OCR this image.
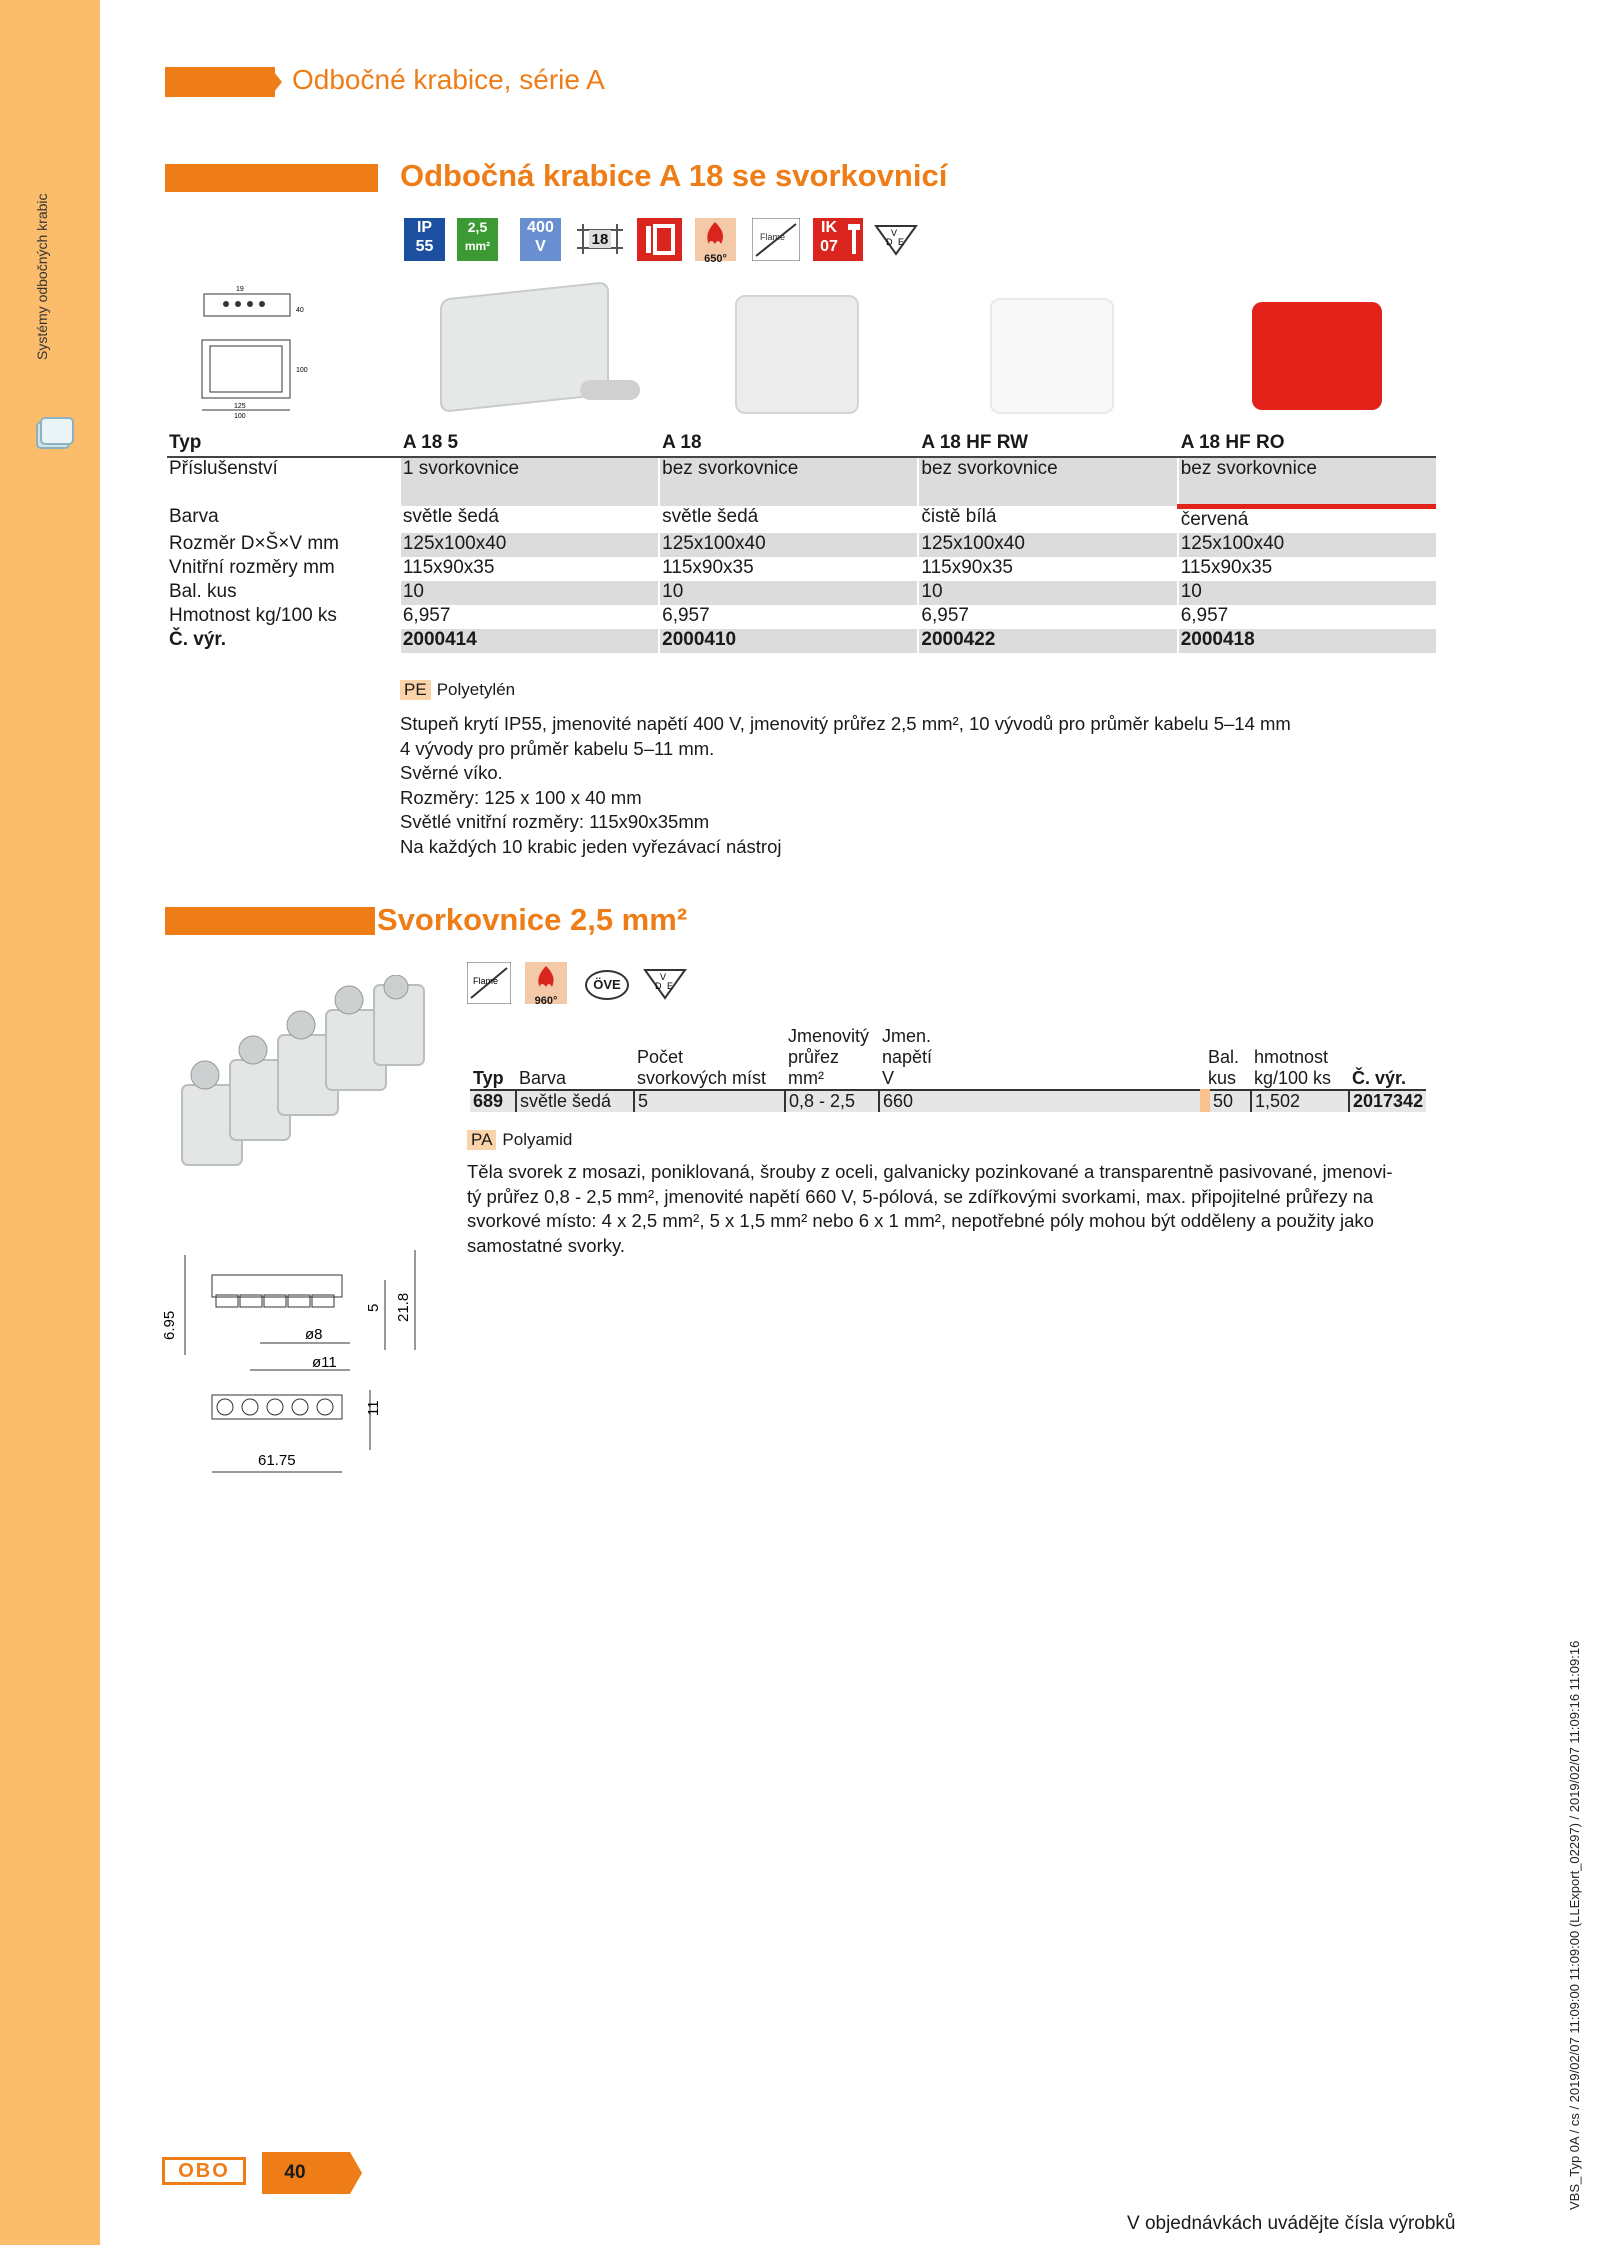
Systémy odbočných krabic
Odbočné krabice, série A
Odbočná krabice A 18 se svorkovnicí
IP
55
2,5
mm²
400
V	18
650°
Flame
IK
07
V
D E
19
125
100
100
40
Typ	A 18 5	A 18	A 18 HF RW	A 18 HF RO
Příslušenství	1 svorkovnice	bez svorkovnice	bez svorkovnice	bez svorkovnice
Barva	světle šedá	světle šedá	čistě bílá	červená
Rozměr D×Š×V mm	125x100x40	125x100x40	125x100x40	125x100x40
Vnitřní rozměry mm	115x90x35	115x90x35	115x90x35	115x90x35
Bal. kus	10	10	10	10
Hmotnost kg/100 ks	6,957	6,957	6,957	6,957
Č. výr.	2000414	2000410	2000422	2000418
PE Polyetylén
Stupeň krytí IP55, jmenovité napětí 400 V, jmenovitý průřez 2,5 mm², 10 vývodů pro průměr kabelu 5–14 mm
4 vývody pro průměr kabelu 5–11 mm.
Svěrné víko.
Rozměry: 125 x 100 x 40 mm
Světlé vnitřní rozměry: 115x90x35mm
Na každých 10 krabic jeden vyřezávací nástroj
Svorkovnice 2,5 mm²
Flame
960°
ÖVE	V
D E
			Jmenovitý	Jmen.			
		Počet	průřez	napětí	Bal.	hmotnost	
Typ	Barva	svorkových míst	mm²	V	kus	kg/100 ks	Č. výr.
689	světle šedá	5	0,8 - 2,5	660	50	1,502	2017342
PA Polyamid
Těla svorek z mosazi, poniklovaná, šrouby z oceli, galvanicky pozinkované a transparentně pasivované, jmenovi-
tý průřez 0,8 - 2,5 mm², jmenovité napětí 660 V, 5-pólová, se zdířkovými svorkami, max. připojitelné průřezy na
svorkové místo: 4 x 2,5 mm², 5 x 1,5 mm² nebo 6 x 1 mm², nepotřebné póly mohou být odděleny a použity jako
samostatné svorky.
6.95
5 21.8
ø8
ø11
11
61.75
OBO	40
V objednávkách uvádějte čísla výrobků
VBS_Typ 0A / cs / 2019/02/07 11:09:00 11:09:00 (LLExport_02297) / 2019/02/07 11:09:16 11:09:16
